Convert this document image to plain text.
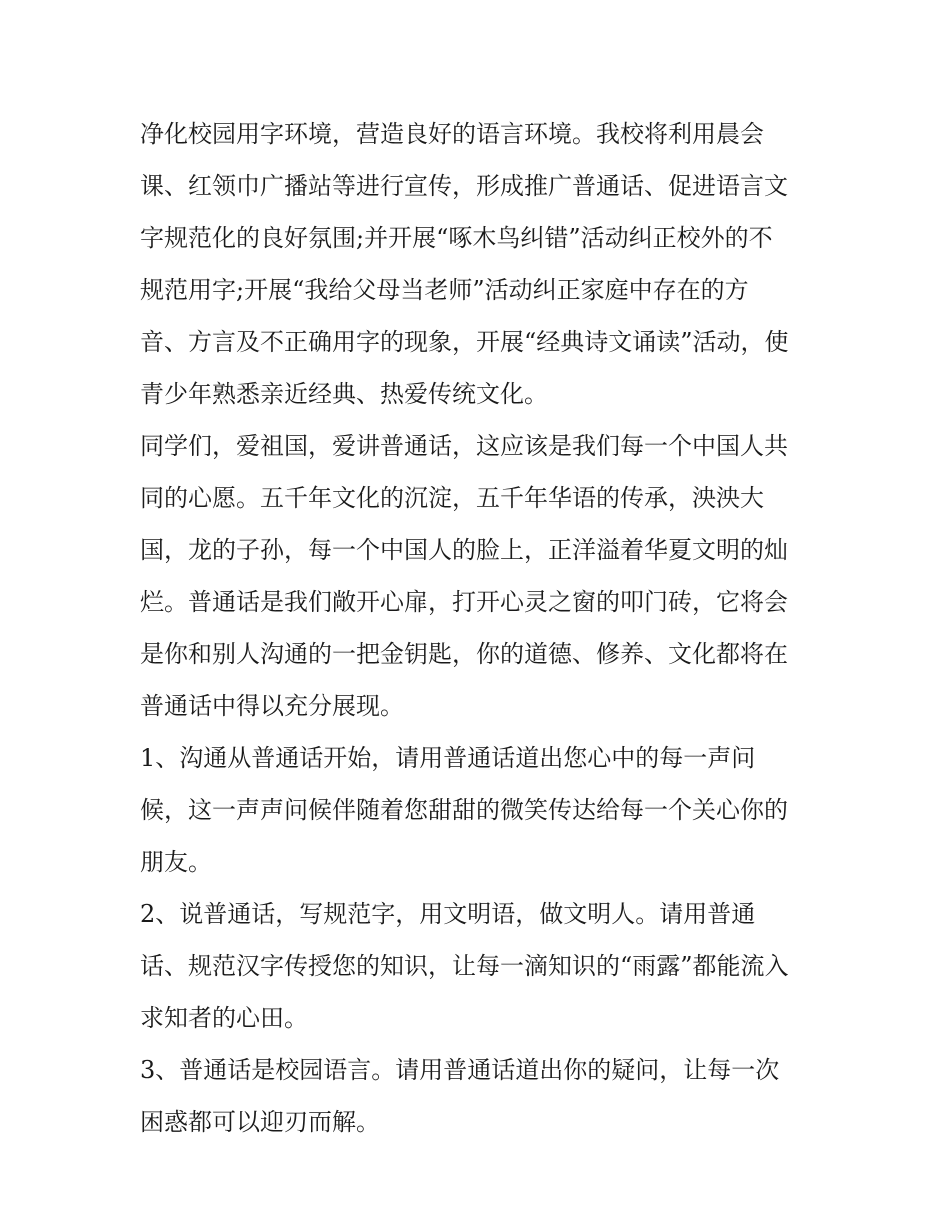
净化校园用字环境，营造良好的语言环境。我校将利用晨会
课、红领巾广播站等进行宣传，形成推广普通话、促进语言文
字规范化的良好氛围;并开展“啄木鸟纠错”活动纠正校外的不
规范用字;开展“我给父母当老师”活动纠正家庭中存在的方
音、方言及不正确用字的现象，开展“经典诗文诵读”活动，使
青少年熟悉亲近经典、热爱传统文化。
同学们，爱祖国，爱讲普通话，这应该是我们每一个中国人共
同的心愿。五千年文化的沉淀，五千年华语的传承，泱泱大
国，龙的子孙，每一个中国人的脸上，正洋溢着华夏文明的灿
烂。普通话是我们敞开心扉，打开心灵之窗的叩门砖，它将会
是你和别人沟通的一把金钥匙，你的道德、修养、文化都将在
普通话中得以充分展现。
1、沟通从普通话开始，请用普通话道出您心中的每一声问
候，这一声声问候伴随着您甜甜的微笑传达给每一个关心你的
朋友。
2、说普通话，写规范字，用文明语，做文明人。请用普通
话、规范汉字传授您的知识，让每一滴知识的“雨露”都能流入
求知者的心田。
3、普通话是校园语言。请用普通话道出你的疑问，让每一次
困惑都可以迎刃而解。
